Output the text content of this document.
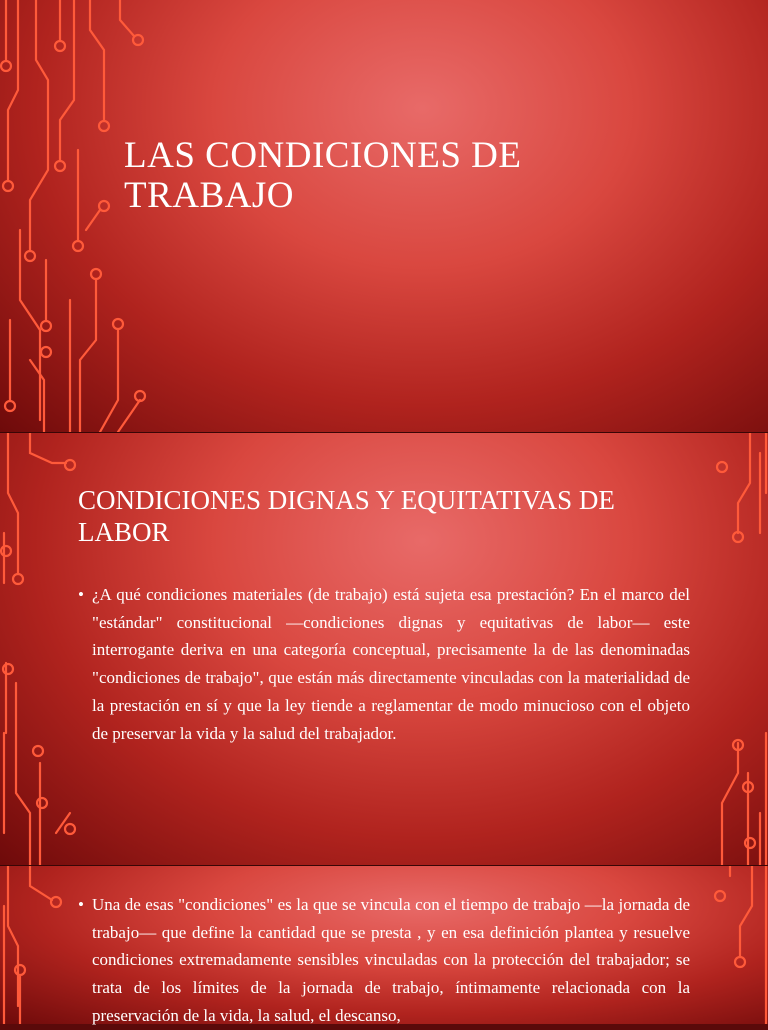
LAS CONDICIONES DE TRABAJO
CONDICIONES DIGNAS Y EQUITATIVAS DE LABOR
• ¿A qué condiciones materiales (de trabajo) está sujeta esa prestación? En el marco del "estándar" constitucional —condiciones dignas y equitativas de labor— este interrogante deriva en una categoría conceptual, precisamente la de las denominadas "condiciones de trabajo", que están más directamente vinculadas con la materialidad de la prestación en sí y que la ley tiende a reglamentar de modo minucioso con el objeto de preservar la vida y la salud del trabajador.
• Una de esas "condiciones" es la que se vincula con el tiempo de trabajo —la jornada de trabajo— que define la cantidad que se presta , y en esa definición plantea y resuelve condiciones extremadamente sensibles vinculadas con la protección del trabajador; se trata de los límites de la jornada de trabajo, íntimamente relacionada con la preservación de la vida, la salud, el descanso,
